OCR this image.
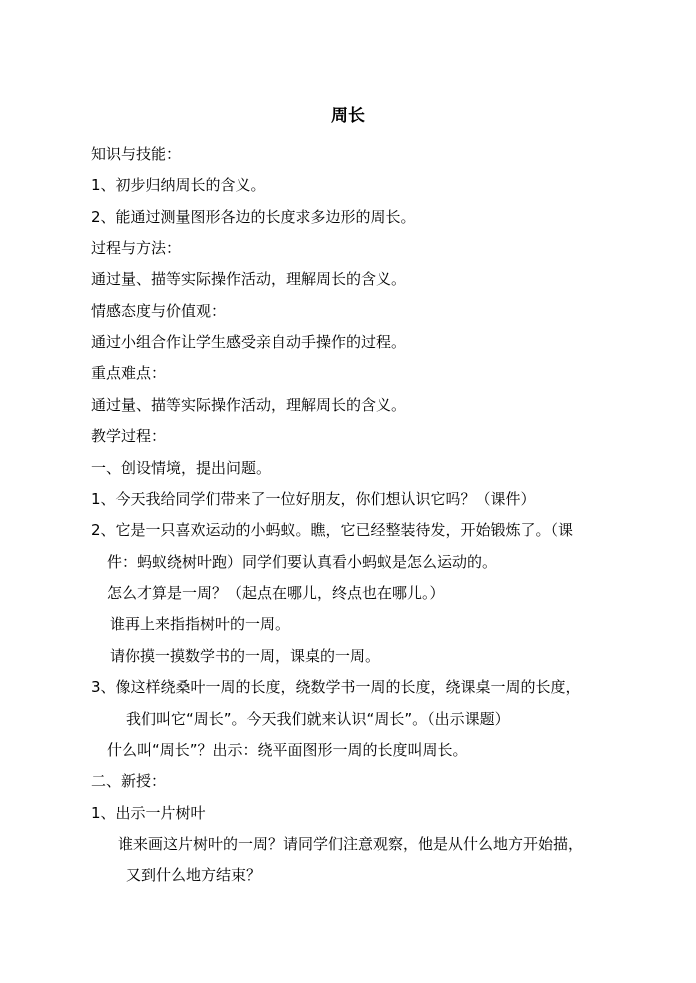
周长
知识与技能：
1、初步归纳周长的含义。
2、能通过测量图形各边的长度求多边形的周长。
过程与方法：
通过量、描等实际操作活动，理解周长的含义。
情感态度与价值观：
通过小组合作让学生感受亲自动手操作的过程。
重点难点：
通过量、描等实际操作活动，理解周长的含义。
教学过程：
一、创设情境，提出问题。
1、今天我给同学们带来了一位好朋友，你们想认识它吗？（课件）
2、它是一只喜欢运动的小蚂蚁。瞧，它已经整装待发，开始锻炼了。（课
件：蚂蚁绕树叶跑）同学们要认真看小蚂蚁是怎么运动的。
怎么才算是一周？（起点在哪儿，终点也在哪儿。）
谁再上来指指树叶的一周。
请你摸一摸数学书的一周，课桌的一周。
3、像这样绕桑叶一周的长度，绕数学书一周的长度，绕课桌一周的长度，
我们叫它“周长”。今天我们就来认识“周长”。（出示课题）
什么叫“周长”？出示：绕平面图形一周的长度叫周长。
二、新授：
1、出示一片树叶
谁来画这片树叶的一周？请同学们注意观察，他是从什么地方开始描，
又到什么地方结束？
